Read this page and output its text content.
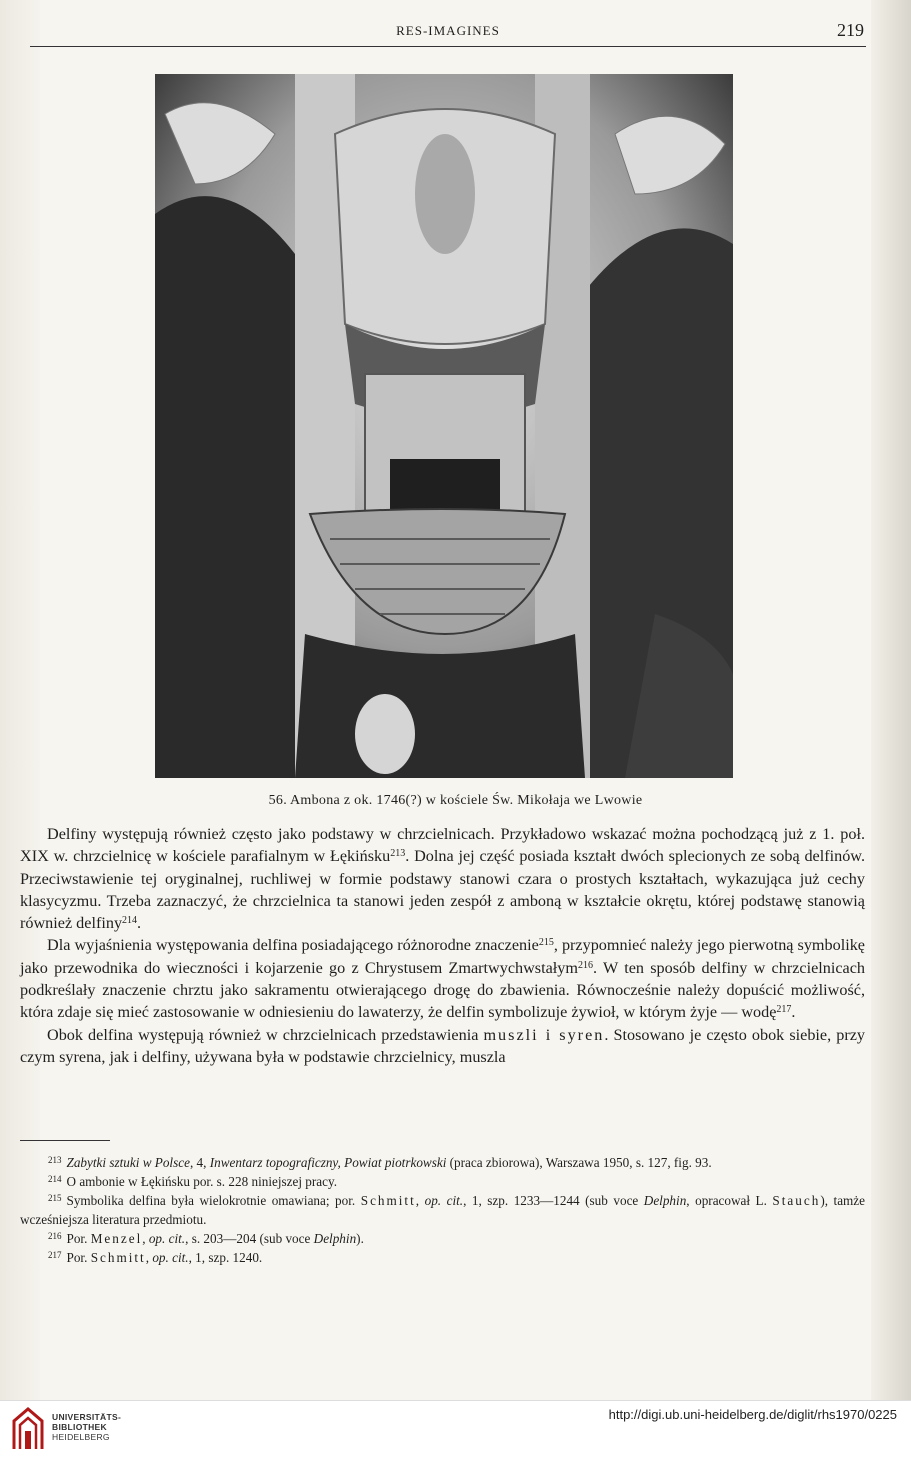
RES-IMAGINES	219
56. Ambona z ok. 1746(?) w kościele Św. Mikołaja we Lwowie

Delfiny występują również często jako podstawy w chrzcielnicach. Przykładowo wskazać można pochodzącą już z 1. poł. XIX w. chrzcielnicę w kościele parafialnym w Łękińsku$^{213}$. Dolna jej część posiada kształt dwóch splecionych ze sobą delfinów. Przeciwstawienie tej oryginalnej, ruchliwej w formie podstawy stanowi czara o prostych kształtach, wykazująca już cechy klasycyzmu. Trzeba zaznaczyć, że chrzcielnica ta stanowi jeden zespół z amboną w kształcie okrętu, której podstawę stanowią również delfiny$^{214}$.

Dla wyjaśnienia występowania delfina posiadającego różnorodne znaczenie$^{215}$, przypomnieć należy jego pierwotną symbolikę jako przewodnika do wieczności i kojarzenie go z Chrystusem Zmartwychwstałym$^{216}$. W ten sposób delfiny w chrzcielnicach podkreślały znaczenie chrztu jako sakramentu otwierającego drogę do zbawienia. Równocześnie należy dopuścić możliwość, która zdaje się mieć zastosowanie w odniesieniu do lawaterzy, że delfin symbolizuje żywioł, w którym żyje — wodę$^{217}$.

Obok delfina występują również w chrzcielnicach przedstawienia muszli i syren. Stosowano je często obok siebie, przy czym syrena, jak i delfiny, używana była w podstawie chrzcielnicy, muszla

$^{213}$ Zabytki sztuki w Polsce, 4, Inwentarz topograficzny, Powiat piotrkowski (praca zbiorowa), Warszawa 1950, s. 127, fig. 93.

$^{214}$ O ambonie w Łękińsku por. s. 228 niniejszej pracy.

$^{215}$ Symbolika delfina była wielokrotnie omawiana; por. Schmitt, op. cit., 1, szp. 1233—1244 (sub voce Delphin, opracował L. Stauch), tamże wcześniejsza literatura przedmiotu.

$^{216}$ Por. Menzel, op. cit., s. 203—204 (sub voce Delphin).

$^{217}$ Por. Schmitt, op. cit., 1, szp. 1240.

UNIVERSITÄTS-
BIBLIOTHEK
HEIDELBERG
http://digi.ub.uni-heidelberg.de/diglit/rhs1970/0225
